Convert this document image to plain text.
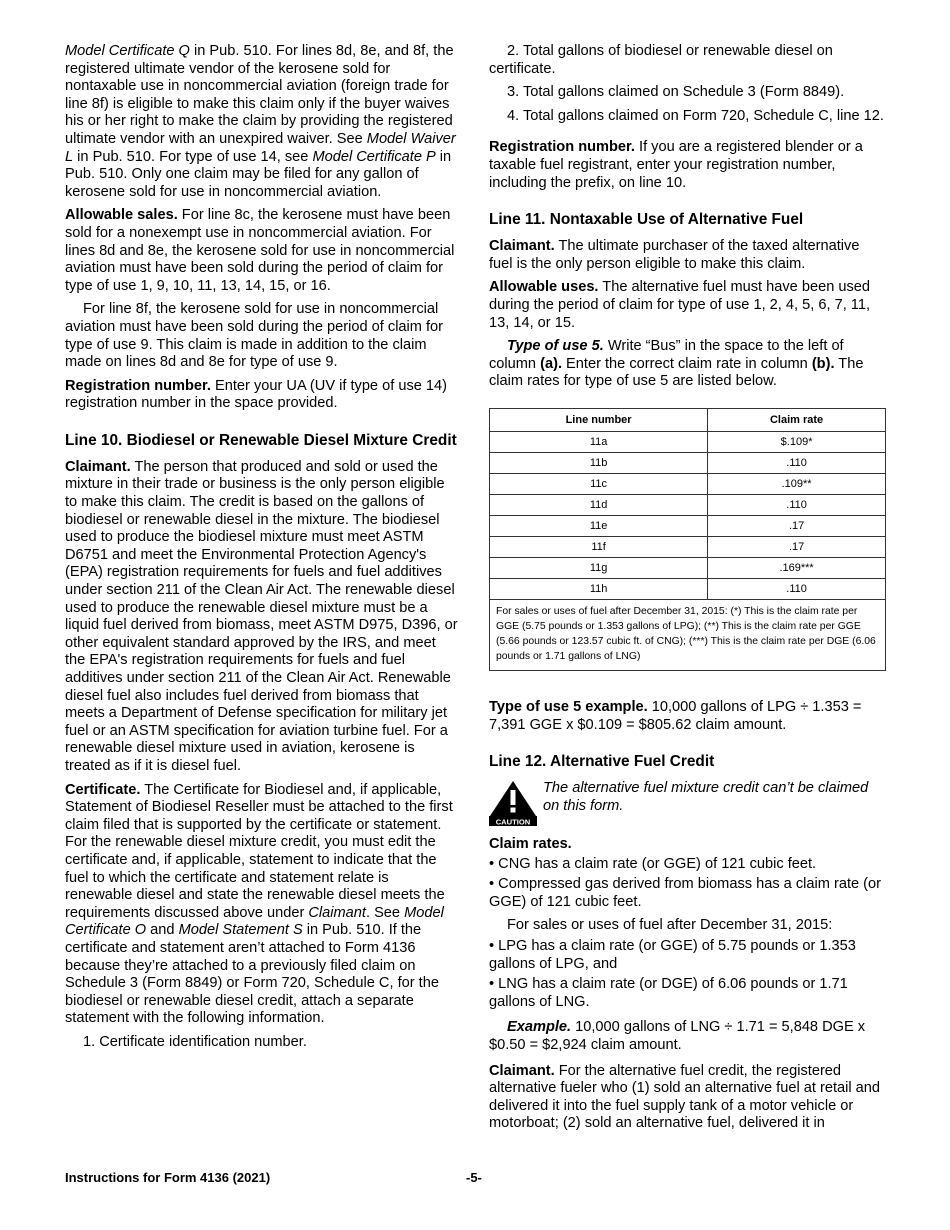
Model Certificate Q in Pub. 510. For lines 8d, 8e, and 8f, the registered ultimate vendor of the kerosene sold for nontaxable use in noncommercial aviation (foreign trade for line 8f) is eligible to make this claim only if the buyer waives his or her right to make the claim by providing the registered ultimate vendor with an unexpired waiver. See Model Waiver L in Pub. 510. For type of use 14, see Model Certificate P in Pub. 510. Only one claim may be filed for any gallon of kerosene sold for use in noncommercial aviation.

Allowable sales. For line 8c, the kerosene must have been sold for a nonexempt use in noncommercial aviation. For lines 8d and 8e, the kerosene sold for use in noncommercial aviation must have been sold during the period of claim for type of use 1, 9, 10, 11, 13, 14, 15, or 16.

For line 8f, the kerosene sold for use in noncommercial aviation must have been sold during the period of claim for type of use 9. This claim is made in addition to the claim made on lines 8d and 8e for type of use 9.

Registration number. Enter your UA (UV if type of use 14) registration number in the space provided.

Line 10. Biodiesel or Renewable Diesel Mixture Credit

Claimant. The person that produced and sold or used the mixture in their trade or business is the only person eligible to make this claim. The credit is based on the gallons of biodiesel or renewable diesel in the mixture. The biodiesel used to produce the biodiesel mixture must meet ASTM D6751 and meet the Environmental Protection Agency's (EPA) registration requirements for fuels and fuel additives under section 211 of the Clean Air Act. The renewable diesel used to produce the renewable diesel mixture must be a liquid fuel derived from biomass, meet ASTM D975, D396, or other equivalent standard approved by the IRS, and meet the EPA's registration requirements for fuels and fuel additives under section 211 of the Clean Air Act. Renewable diesel fuel also includes fuel derived from biomass that meets a Department of Defense specification for military jet fuel or an ASTM specification for aviation turbine fuel. For a renewable diesel mixture used in aviation, kerosene is treated as if it is diesel fuel.

Certificate. The Certificate for Biodiesel and, if applicable, Statement of Biodiesel Reseller must be attached to the first claim filed that is supported by the certificate or statement. For the renewable diesel mixture credit, you must edit the certificate and, if applicable, statement to indicate that the fuel to which the certificate and statement relate is renewable diesel and state the renewable diesel meets the requirements discussed above under Claimant. See Model Certificate O and Model Statement S in Pub. 510. If the certificate and statement aren’t attached to Form 4136 because they’re attached to a previously filed claim on Schedule 3 (Form 8849) or Form 720, Schedule C, for the biodiesel or renewable diesel credit, attach a separate statement with the following information.

1. Certificate identification number.

2. Total gallons of biodiesel or renewable diesel on certificate.

3. Total gallons claimed on Schedule 3 (Form 8849).

4. Total gallons claimed on Form 720, Schedule C, line 12.

Registration number. If you are a registered blender or a taxable fuel registrant, enter your registration number, including the prefix, on line 10.

Line 11. Nontaxable Use of Alternative Fuel

Claimant. The ultimate purchaser of the taxed alternative fuel is the only person eligible to make this claim.

Allowable uses. The alternative fuel must have been used during the period of claim for type of use 1, 2, 4, 5, 6, 7, 11, 13, 14, or 15.

Type of use 5. Write “Bus” in the space to the left of column (a). Enter the correct claim rate in column (b). The claim rates for type of use 5 are listed below.

Line number	Claim rate
11a	$.109*
11b	.110
11c	.109**
11d	.110
11e	.17
11f	.17
11g	.169***
11h	.110
For sales or uses of fuel after December 31, 2015: (*) This is the claim rate per GGE (5.75 pounds or 1.353 gallons of LPG); (**) This is the claim rate per GGE (5.66 pounds or 123.57 cubic ft. of CNG); (***) This is the claim rate per DGE (6.06 pounds or 1.71 gallons of LNG)	

Type of use 5 example. 10,000 gallons of LPG ÷ 1.353 = 7,391 GGE x $0.109 = $805.62 claim amount.

Line 12. Alternative Fuel Credit
CAUTION
The alternative fuel mixture credit can’t be claimed on this form.

Claim rates.

• CNG has a claim rate (or GGE) of 121 cubic feet.
• Compressed gas derived from biomass has a claim rate (or GGE) of 121 cubic feet.

For sales or uses of fuel after December 31, 2015:

• LPG has a claim rate (or GGE) of 5.75 pounds or 1.353 gallons of LPG, and
• LNG has a claim rate (or DGE) of 6.06 pounds or 1.71 gallons of LNG.

Example. 10,000 gallons of LNG ÷ 1.71 = 5,848 DGE x $0.50 = $2,924 claim amount.

Claimant. For the alternative fuel credit, the registered alternative fueler who (1) sold an alternative fuel at retail and delivered it into the fuel supply tank of a motor vehicle or motorboat; (2) sold an alternative fuel, delivered it in

Instructions for Form 4136 (2021)	-5-
